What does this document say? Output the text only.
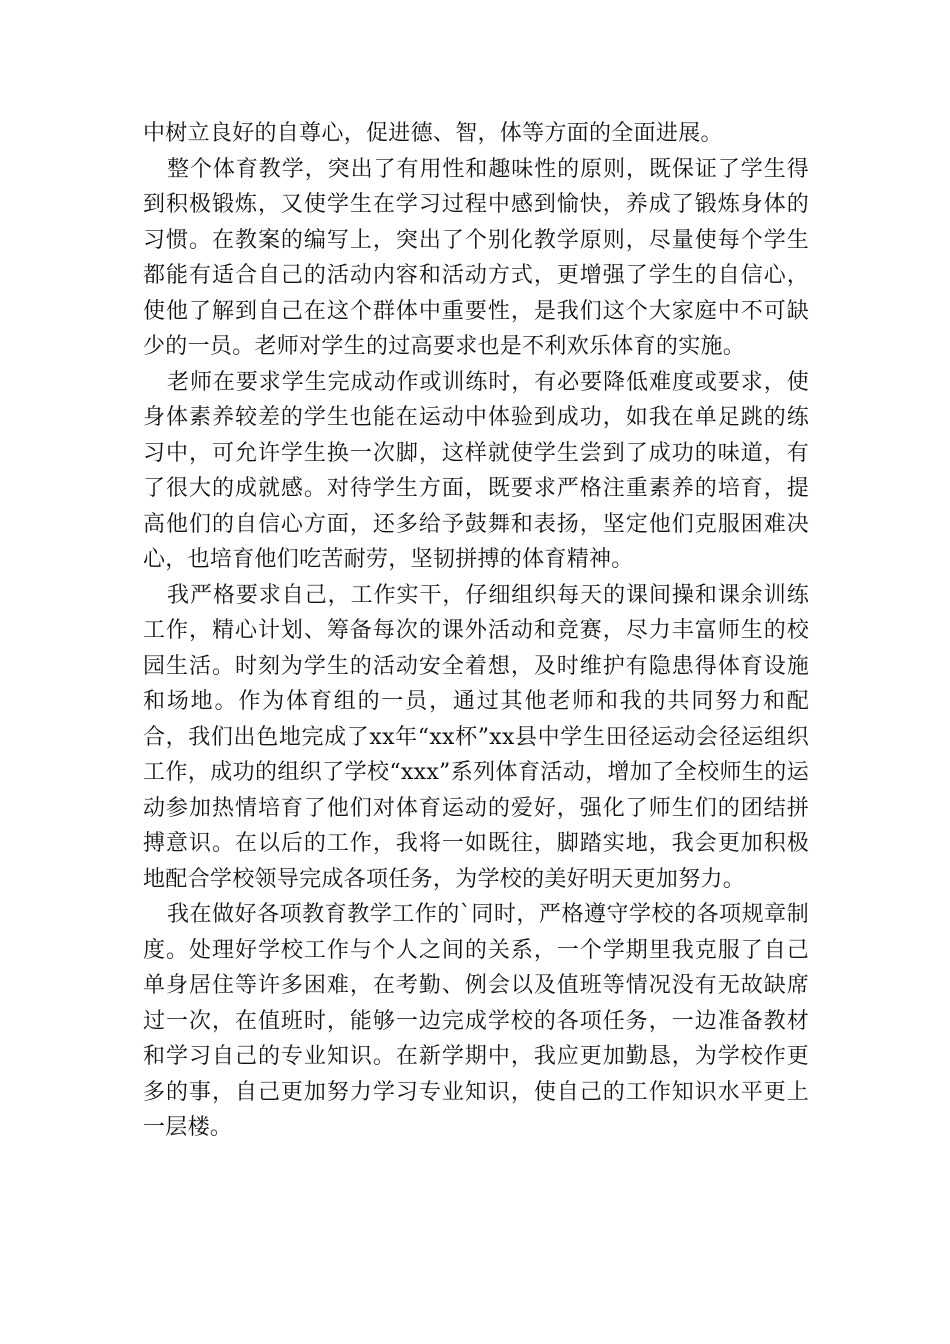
中树立良好的自尊心，促进德、智，体等方面的全面进展。

整个体育教学，突出了有用性和趣味性的原则，既保证了学生得到积极锻炼，又使学生在学习过程中感到愉快，养成了锻炼身体的习惯。在教案的编写上，突出了个别化教学原则，尽量使每个学生都能有适合自己的活动内容和活动方式，更增强了学生的自信心，使他了解到自己在这个群体中重要性，是我们这个大家庭中不可缺少的一员。老师对学生的过高要求也是不利欢乐体育的实施。

老师在要求学生完成动作或训练时，有必要降低难度或要求，使身体素养较差的学生也能在运动中体验到成功，如我在单足跳的练习中，可允许学生换一次脚，这样就使学生尝到了成功的味道，有了很大的成就感。对待学生方面，既要求严格注重素养的培育，提高他们的自信心方面，还多给予鼓舞和表扬，坚定他们克服困难决心，也培育他们吃苦耐劳，坚韧拼搏的体育精神。

我严格要求自己，工作实干，仔细组织每天的课间操和课余训练工作，精心计划、筹备每次的课外活动和竞赛，尽力丰富师生的校园生活。时刻为学生的活动安全着想，及时维护有隐患得体育设施和场地。作为体育组的一员，通过其他老师和我的共同努力和配合，我们出色地完成了xx年“xx杯”xx县中学生田径运动会径运组织工作，成功的组织了学校“xxx”系列体育活动，增加了全校师生的运动参加热情培育了他们对体育运动的爱好，强化了师生们的团结拼搏意识。在以后的工作，我将一如既往，脚踏实地，我会更加积极地配合学校领导完成各项任务，为学校的美好明天更加努力。

我在做好各项教育教学工作的`同时，严格遵守学校的各项规章制度。处理好学校工作与个人之间的关系，一个学期里我克服了自己单身居住等许多困难，在考勤、例会以及值班等情况没有无故缺席过一次，在值班时，能够一边完成学校的各项任务，一边准备教材和学习自己的专业知识。在新学期中，我应更加勤恳，为学校作更多的事，自己更加努力学习专业知识，使自己的工作知识水平更上一层楼。
